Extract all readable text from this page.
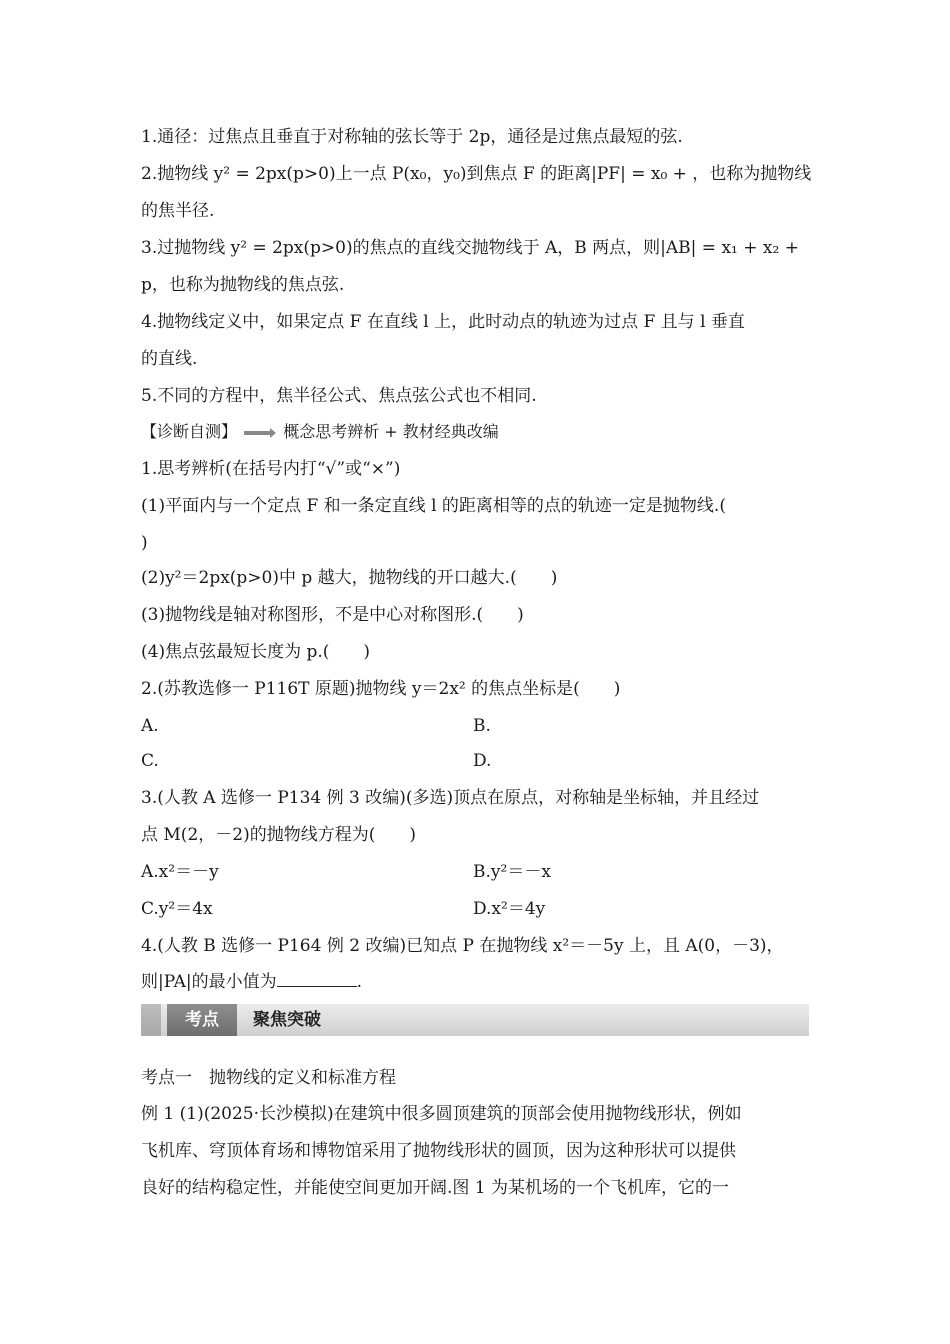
1.通径：过焦点且垂直于对称轴的弦长等于 2p，通径是过焦点最短的弦.
2.抛物线 y² = 2px(p>0)上一点 P(x₀，y₀)到焦点 F 的距离|PF| = x₀ + ，也称为抛物线
的焦半径.
3.过抛物线 y² = 2px(p>0)的焦点的直线交抛物线于 A，B 两点，则|AB| = x₁ + x₂ +
p，也称为抛物线的焦点弦.
4.抛物线定义中，如果定点 F 在直线 l 上，此时动点的轨迹为过点 F 且与 l 垂直
的直线.
5.不同的方程中，焦半径公式、焦点弦公式也不相同.
【诊断自测】	概念思考辨析 + 教材经典改编
1.思考辨析(在括号内打“√”或“×”)
(1)平面内与一个定点 F 和一条定直线 l 的距离相等的点的轨迹一定是抛物线.(
)
(2)y²＝2px(p>0)中 p 越大，抛物线的开口越大.(　　)
(3)抛物线是轴对称图形，不是中心对称图形.(　　)
(4)焦点弦最短长度为 p.(　　)
2.(苏教选修一 P116T 原题)抛物线 y＝2x² 的焦点坐标是(　　)
A.	B.
C.	D.
3.(人教 A 选修一 P134 例 3 改编)(多选)顶点在原点，对称轴是坐标轴，并且经过
点 M(2，－2)的抛物线方程为(　　)
A.x²＝－y	B.y²＝－x
C.y²＝4x	D.x²＝4y
4.(人教 B 选修一 P164 例 2 改编)已知点 P 在抛物线 x²＝－5y 上，且 A(0，－3)，
则|PA|的最小值为	.
考点	聚焦突破
考点一　抛物线的定义和标准方程
例 1 (1)(2025·长沙模拟)在建筑中很多圆顶建筑的顶部会使用抛物线形状，例如
飞机库、穹顶体育场和博物馆采用了抛物线形状的圆顶，因为这种形状可以提供
良好的结构稳定性，并能使空间更加开阔.图 1 为某机场的一个飞机库，它的一
